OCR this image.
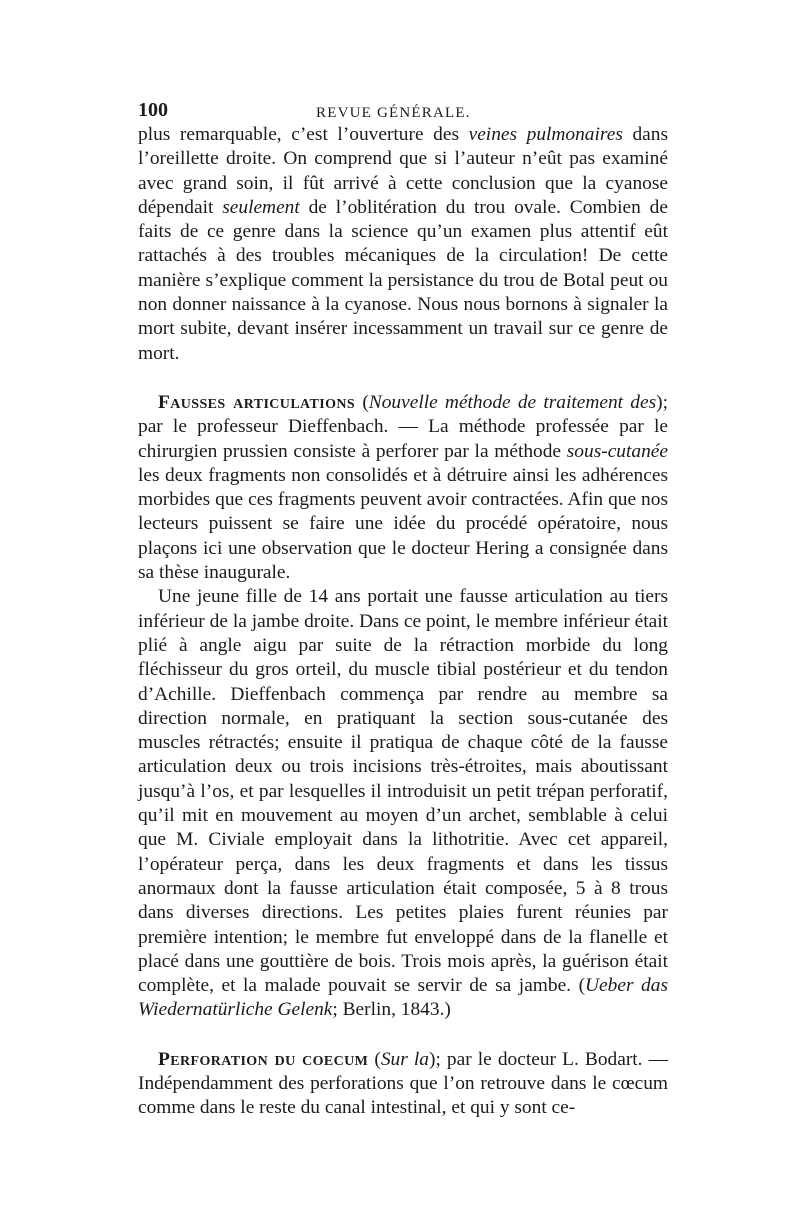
100	REVUE GÉNÉRALE.

plus remarquable, c’est l’ouverture des veines pulmonaires dans l’oreillette droite. On comprend que si l’auteur n’eût pas examiné avec grand soin, il fût arrivé à cette conclusion que la cyanose dépendait seulement de l’oblitération du trou ovale. Combien de faits de ce genre dans la science qu’un examen plus attentif eût rattachés à des troubles mécaniques de la circulation! De cette manière s’explique comment la persistance du trou de Botal peut ou non donner naissance à la cyanose. Nous nous bornons à signaler la mort subite, devant insérer incessamment un travail sur ce genre de mort.

Fausses articulations (Nouvelle méthode de traitement des); par le professeur Dieffenbach. — La méthode professée par le chirurgien prussien consiste à perforer par la méthode sous-cutanée les deux fragments non consolidés et à détruire ainsi les adhérences morbides que ces fragments peuvent avoir contractées. Afin que nos lecteurs puissent se faire une idée du procédé opératoire, nous plaçons ici une observation que le docteur Hering a consignée dans sa thèse inaugurale.

Une jeune fille de 14 ans portait une fausse articulation au tiers inférieur de la jambe droite. Dans ce point, le membre inférieur était plié à angle aigu par suite de la rétraction morbide du long fléchisseur du gros orteil, du muscle tibial postérieur et du tendon d’Achille. Dieffenbach commença par rendre au membre sa direction normale, en pratiquant la section sous-cutanée des muscles rétractés; ensuite il pratiqua de chaque côté de la fausse articulation deux ou trois incisions très-étroites, mais aboutissant jusqu’à l’os, et par lesquelles il introduisit un petit trépan perforatif, qu’il mit en mouvement au moyen d’un archet, semblable à celui que M. Civiale employait dans la lithotritie. Avec cet appareil, l’opérateur perça, dans les deux fragments et dans les tissus anormaux dont la fausse articulation était composée, 5 à 8 trous dans diverses directions. Les petites plaies furent réunies par première intention; le membre fut enveloppé dans de la flanelle et placé dans une gouttière de bois. Trois mois après, la guérison était complète, et la malade pouvait se servir de sa jambe. (Ueber das Wiedernatürliche Gelenk; Berlin, 1843.)

Perforation du coecum (Sur la); par le docteur L. Bodart. — Indépendamment des perforations que l’on retrouve dans le cœcum comme dans le reste du canal intestinal, et qui y sont ce-
